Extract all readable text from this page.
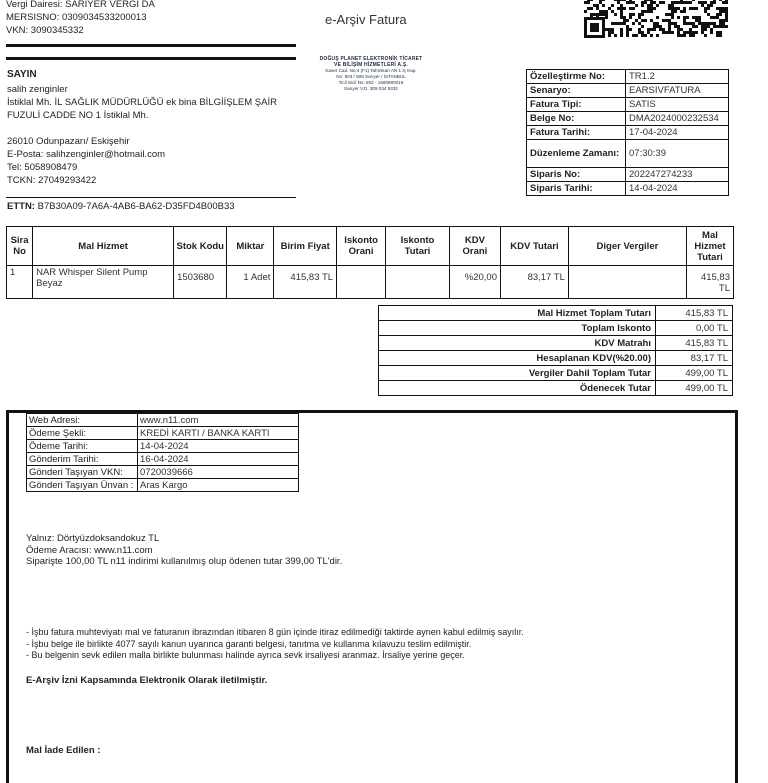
Vergi Dairesi: SARIYER VERGİ DA
MERSISNO: 0309034533200013
VKN: 3090345332
e-Arşiv Fatura
DOĞUŞ PLANET ELEKTRONİK TİCARET
VE BİLİŞİM HİZMETLERİ A.Ş.
Kaser Cad. No:4 (F1) Tahmikan AN 1 İç Kap.
No: 603 / 608 Sarıyer / İSTANBUL
Ticil Sicil No: 802 - 1580890019
Sarıyer V.D. 309 034 5332
SAYIN
salih zenginler
İstiklal Mh. İL SAĞLIK MÜDÜRLÜĞÜ ek bina BİLGİİŞLEM ŞAİR
FUZULİ CADDE NO 1 İstiklal Mh.
26010 Odunpazarı/ Eskişehir
E-Posta: salihzenginler@hotmail.com
Tel: 5058908479
TCKN: 27049293422
Özelleştirme No:	TR1.2
Senaryo:	EARSIVFATURA
Fatura Tipi:	SATIS
Belge No:	DMA2024000232534
Fatura Tarihi:	17-04-2024
Düzenleme Zamanı:	07:30:39
Siparis No:	202247274233
Siparis Tarihi:	14-04-2024
ETTN: B7B30A09-7A6A-4AB6-BA62-D35FD4B00B33
Sira No	Mal Hizmet	Stok Kodu	Miktar	Birim Fiyat	Iskonto Orani	Iskonto Tutari	KDV Orani	KDV Tutari	Diger Vergiler	Mal Hizmet Tutari
1	NAR Whisper Silent Pump Beyaz	1503680	1 Adet	415,83 TL			%20,00	83,17 TL		415,83 TL
Mal Hizmet Toplam Tutarı	415,83 TL
Toplam Iskonto	0,00 TL
KDV Matrahı	415,83 TL
Hesaplanan KDV(%20.00)	83,17 TL
Vergiler Dahil Toplam Tutar	499,00 TL
Ödenecek Tutar	499,00 TL
Web Adresi:	www.n11.com
Ödeme Şekli:	KREDİ KARTI / BANKA KARTI
Ödeme Tarihi:	14-04-2024
Gönderim Tarihi:	16-04-2024
Gönderi Taşıyan VKN:	0720039666
Gönderi Taşıyan Ünvan :	Aras Kargo
Yalnız: Dörtyüzdoksandokuz TL
Ödeme Aracısı: www.n11.com
Siparişte 100,00 TL n11 indirimi kullanılmış olup ödenen tutar 399,00 TL'dir.
- İşbu fatura muhteviyatı mal ve faturanın ibrazından itibaren 8 gün içinde itiraz edilmediği taktirde aynen kabul edilmiş sayılır.
- İşbu belge ile birlikte 4077 sayılı kanun uyarınca garanti belgesi, tanıtma ve kullanma kılavuzu teslim edilmiştir.
- Bu belgenin sevk edilen malla birlikte bulunması halinde ayrıca sevk irsaliyesi aranmaz. İrsaliye yerine geçer.
E-Arşiv İzni Kapsamında Elektronik Olarak iletilmiştir.
Mal İade Edilen :
